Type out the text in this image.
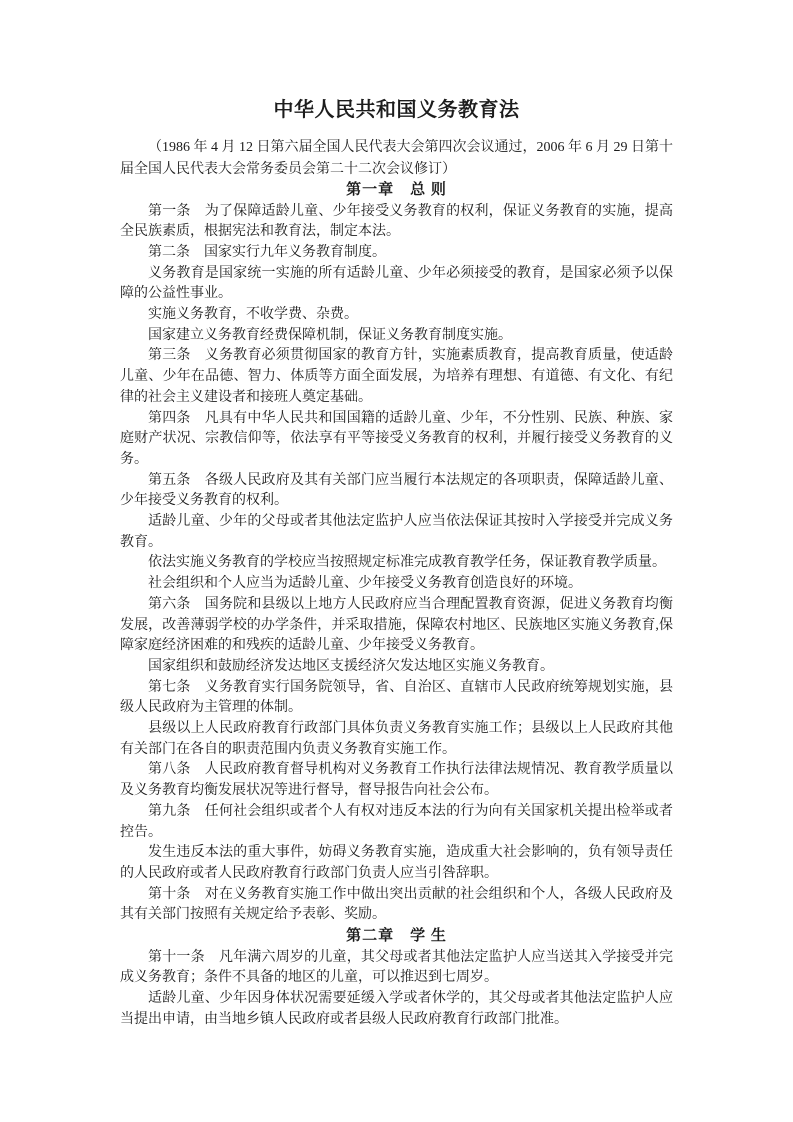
中华人民共和国义务教育法

（1986 年 4 月 12 日第六届全国人民代表大会第四次会议通过，2006 年 6 月 29 日第十届全国人民代表大会常务委员会第二十二次会议修订）

第一章　总 则

第一条　为了保障适龄儿童、少年接受义务教育的权利，保证义务教育的实施，提高全民族素质，根据宪法和教育法，制定本法。

第二条　国家实行九年义务教育制度。

义务教育是国家统一实施的所有适龄儿童、少年必须接受的教育，是国家必须予以保障的公益性事业。

实施义务教育，不收学费、杂费。

国家建立义务教育经费保障机制，保证义务教育制度实施。

第三条　义务教育必须贯彻国家的教育方针，实施素质教育，提高教育质量，使适龄儿童、少年在品德、智力、体质等方面全面发展，为培养有理想、有道德、有文化、有纪律的社会主义建设者和接班人奠定基础。

第四条　凡具有中华人民共和国国籍的适龄儿童、少年，不分性别、民族、种族、家庭财产状况、宗教信仰等，依法享有平等接受义务教育的权利，并履行接受义务教育的义务。

第五条　各级人民政府及其有关部门应当履行本法规定的各项职责，保障适龄儿童、少年接受义务教育的权利。

适龄儿童、少年的父母或者其他法定监护人应当依法保证其按时入学接受并完成义务教育。

依法实施义务教育的学校应当按照规定标准完成教育教学任务，保证教育教学质量。

社会组织和个人应当为适龄儿童、少年接受义务教育创造良好的环境。

第六条　国务院和县级以上地方人民政府应当合理配置教育资源，促进义务教育均衡发展，改善薄弱学校的办学条件，并采取措施，保障农村地区、民族地区实施义务教育,保障家庭经济困难的和残疾的适龄儿童、少年接受义务教育。

国家组织和鼓励经济发达地区支援经济欠发达地区实施义务教育。

第七条　义务教育实行国务院领导，省、自治区、直辖市人民政府统筹规划实施，县级人民政府为主管理的体制。

县级以上人民政府教育行政部门具体负责义务教育实施工作；县级以上人民政府其他有关部门在各自的职责范围内负责义务教育实施工作。

第八条　人民政府教育督导机构对义务教育工作执行法律法规情况、教育教学质量以及义务教育均衡发展状况等进行督导，督导报告向社会公布。

第九条　任何社会组织或者个人有权对违反本法的行为向有关国家机关提出检举或者控告。

发生违反本法的重大事件，妨碍义务教育实施，造成重大社会影响的，负有领导责任的人民政府或者人民政府教育行政部门负责人应当引咎辞职。

第十条　对在义务教育实施工作中做出突出贡献的社会组织和个人，各级人民政府及其有关部门按照有关规定给予表彰、奖励。

第二章　学 生

第十一条　凡年满六周岁的儿童，其父母或者其他法定监护人应当送其入学接受并完成义务教育；条件不具备的地区的儿童，可以推迟到七周岁。

适龄儿童、少年因身体状况需要延缓入学或者休学的，其父母或者其他法定监护人应当提出申请，由当地乡镇人民政府或者县级人民政府教育行政部门批准。
